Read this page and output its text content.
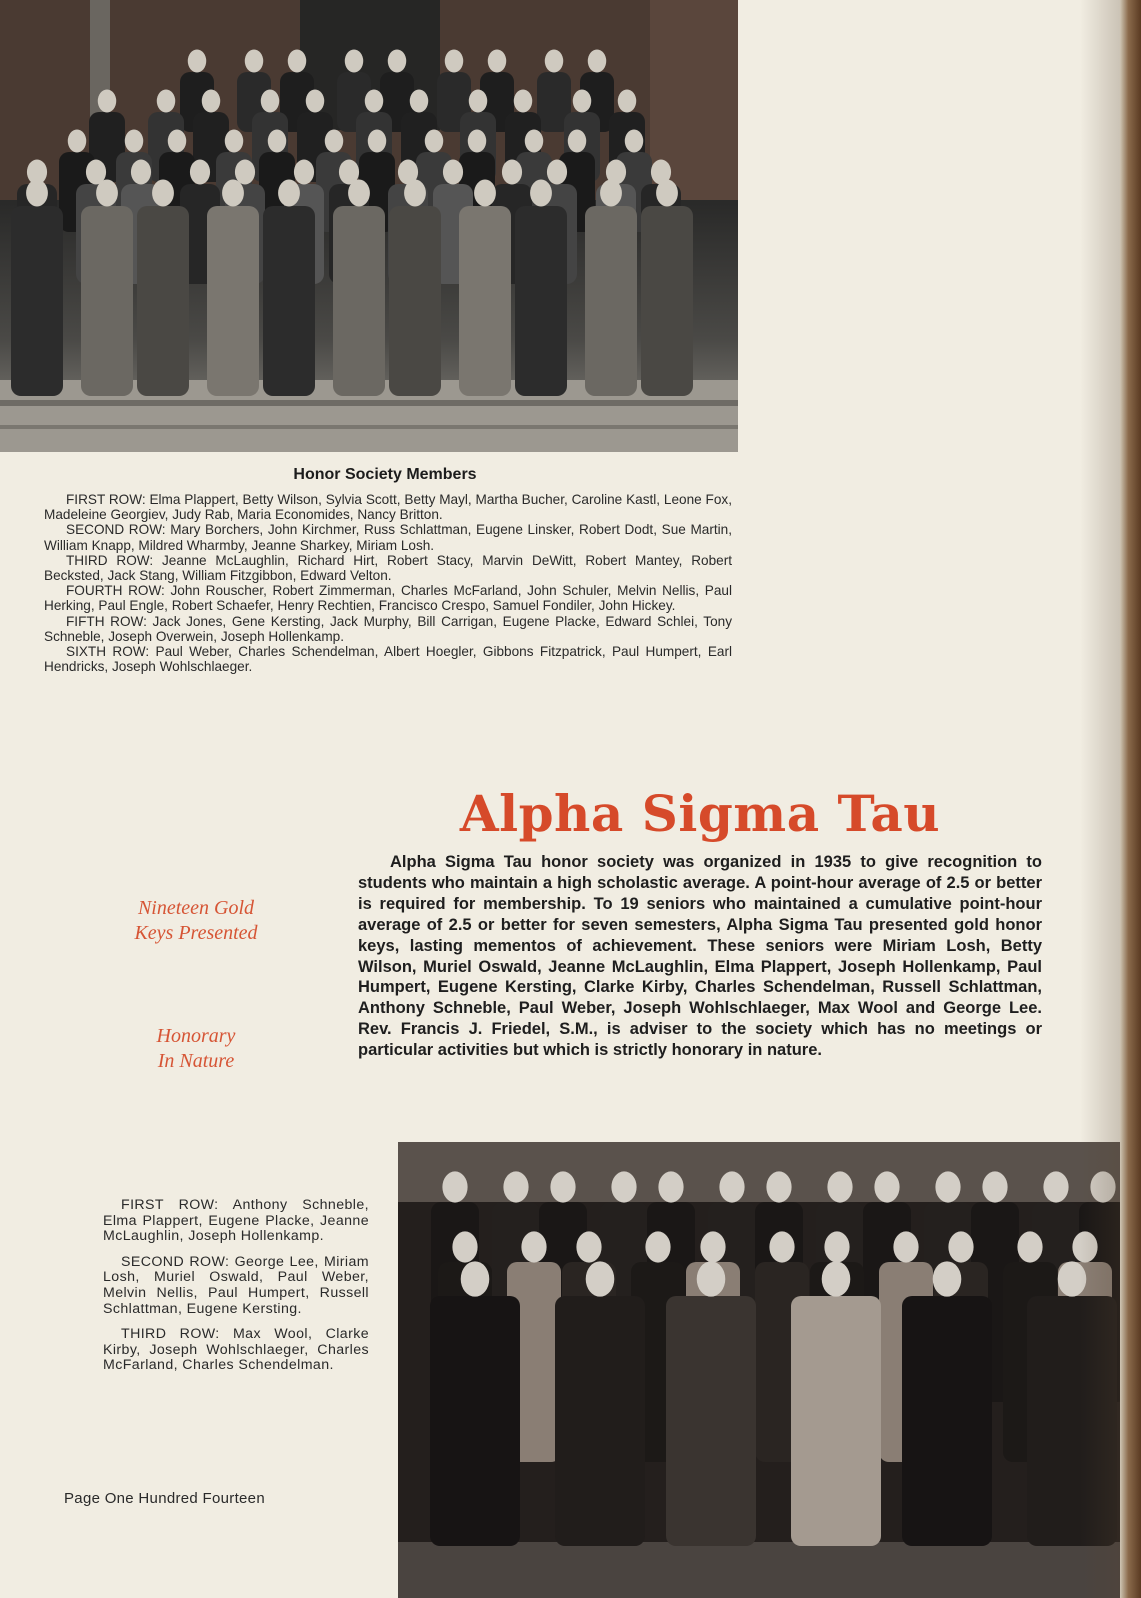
Honor Society Members

FIRST ROW: Elma Plappert, Betty Wilson, Sylvia Scott, Betty Mayl, Martha Bucher, Caroline Kastl, Leone Fox, Madeleine Georgiev, Judy Rab, Maria Economides, Nancy Britton.

SECOND ROW: Mary Borchers, John Kirchmer, Russ Schlattman, Eugene Linsker, Robert Dodt, Sue Martin, William Knapp, Mildred Wharmby, Jeanne Sharkey, Miriam Losh.

THIRD ROW: Jeanne McLaughlin, Richard Hirt, Robert Stacy, Marvin DeWitt, Robert Mantey, Robert Becksted, Jack Stang, William Fitzgibbon, Edward Velton.

FOURTH ROW: John Rouscher, Robert Zimmerman, Charles McFarland, John Schuler, Melvin Nellis, Paul Herking, Paul Engle, Robert Schaefer, Henry Rechtien, Francisco Crespo, Samuel Fondiler, John Hickey.

FIFTH ROW: Jack Jones, Gene Kersting, Jack Murphy, Bill Carrigan, Eugene Placke, Edward Schlei, Tony Schneble, Joseph Overwein, Joseph Hollenkamp.

SIXTH ROW: Paul Weber, Charles Schendelman, Albert Hoegler, Gibbons Fitzpatrick, Paul Humpert, Earl Hendricks, Joseph Wohlschlaeger.

Alpha Sigma Tau
Nineteen Gold
Keys Presented
Honorary
In Nature

Alpha Sigma Tau honor society was organized in 1935 to give recognition to students who maintain a high scholastic average. A point-hour average of 2.5 or better is required for membership. To 19 seniors who maintained a cumulative point-hour average of 2.5 or better for seven semesters, Alpha Sigma Tau presented gold honor keys, lasting mementos of achievement. These seniors were Miriam Losh, Betty Wilson, Muriel Oswald, Jeanne McLaughlin, Elma Plappert, Joseph Hollenkamp, Paul Humpert, Eugene Kersting, Clarke Kirby, Charles Schendelman, Russell Schlattman, Anthony Schneble, Paul Weber, Joseph Wohlschlaeger, Max Wool and George Lee. Rev. Francis J. Friedel, S.M., is adviser to the society which has no meetings or particular activities but which is strictly honorary in nature.

FIRST ROW: Anthony Schneble, Elma Plappert, Eugene Placke, Jeanne McLaughlin, Joseph Hollenkamp.

SECOND ROW: George Lee, Miriam Losh, Muriel Oswald, Paul Weber, Melvin Nellis, Paul Humpert, Russell Schlattman, Eugene Kersting.

THIRD ROW: Max Wool, Clarke Kirby, Joseph Wohlschlaeger, Charles McFarland, Charles Schendelman.

Page One Hundred Fourteen
